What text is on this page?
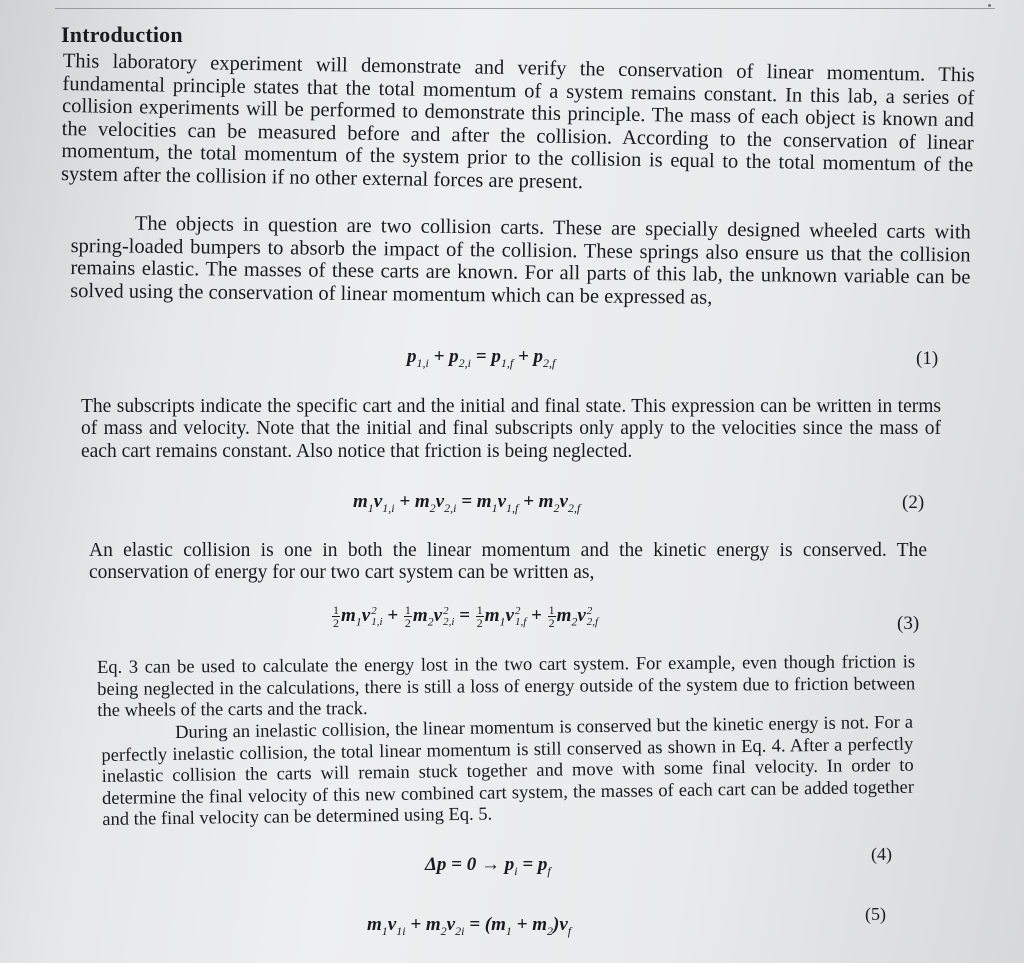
Introduction

This laboratory experiment will demonstrate and verify the conservation of linear momentum. This fundamental principle states that the total momentum of a system remains constant. In this lab, a series of collision experiments will be performed to demonstrate this principle. The mass of each object is known and the velocities can be measured before and after the collision. According to the conservation of linear momentum, the total momentum of the system prior to the collision is equal to the total momentum of the system after the collision if no other external forces are present.

The objects in question are two collision carts. These are specially designed wheeled carts with spring-loaded bumpers to absorb the impact of the collision. These springs also ensure us that the collision remains elastic. The masses of these carts are known. For all parts of this lab, the unknown variable can be solved using the conservation of linear momentum which can be expressed as,

$p_{1,i} + p_{2,i} = p_{1,f} + p_{2,f}$	(1)

The subscripts indicate the specific cart and the initial and final state. This expression can be written in terms of mass and velocity. Note that the initial and final subscripts only apply to the velocities since the mass of each cart remains constant. Also notice that friction is being neglected.

$m_1v_{1,i} + m_2v_{2,i} = m_1v_{1,f} + m_2v_{2,f}$	(2)

An elastic collision is one in both the linear momentum and the kinetic energy is conserved. The conservation of energy for our two cart system can be written as,

$\frac{1}{2} m_1v$ 2
$1,i + \frac{1}{2} m_2v$ 2
$2,i = \frac{1}{2} m_1v$ 2
$1,f + \frac{1}{2} m_2v$ 2
2,f	(3)

Eq. 3 can be used to calculate the energy lost in the two cart system. For example, even though friction is being neglected in the calculations, there is still a loss of energy outside of the system due to friction between the wheels of the carts and the track.

During an inelastic collision, the linear momentum is conserved but the kinetic energy is not. For a perfectly inelastic collision, the total linear momentum is still conserved as shown in Eq. 4. After a perfectly inelastic collision the carts will remain stuck together and move with some final velocity. In order to determine the final velocity of this new combined cart system, the masses of each cart can be added together and the final velocity can be determined using Eq. 5.

$\Delta p = 0 \to p_i = p_f$
(4)
$m_1v_{1i} + m_2v_{2i} = (m_1 + m_2)v_f$
(5)
